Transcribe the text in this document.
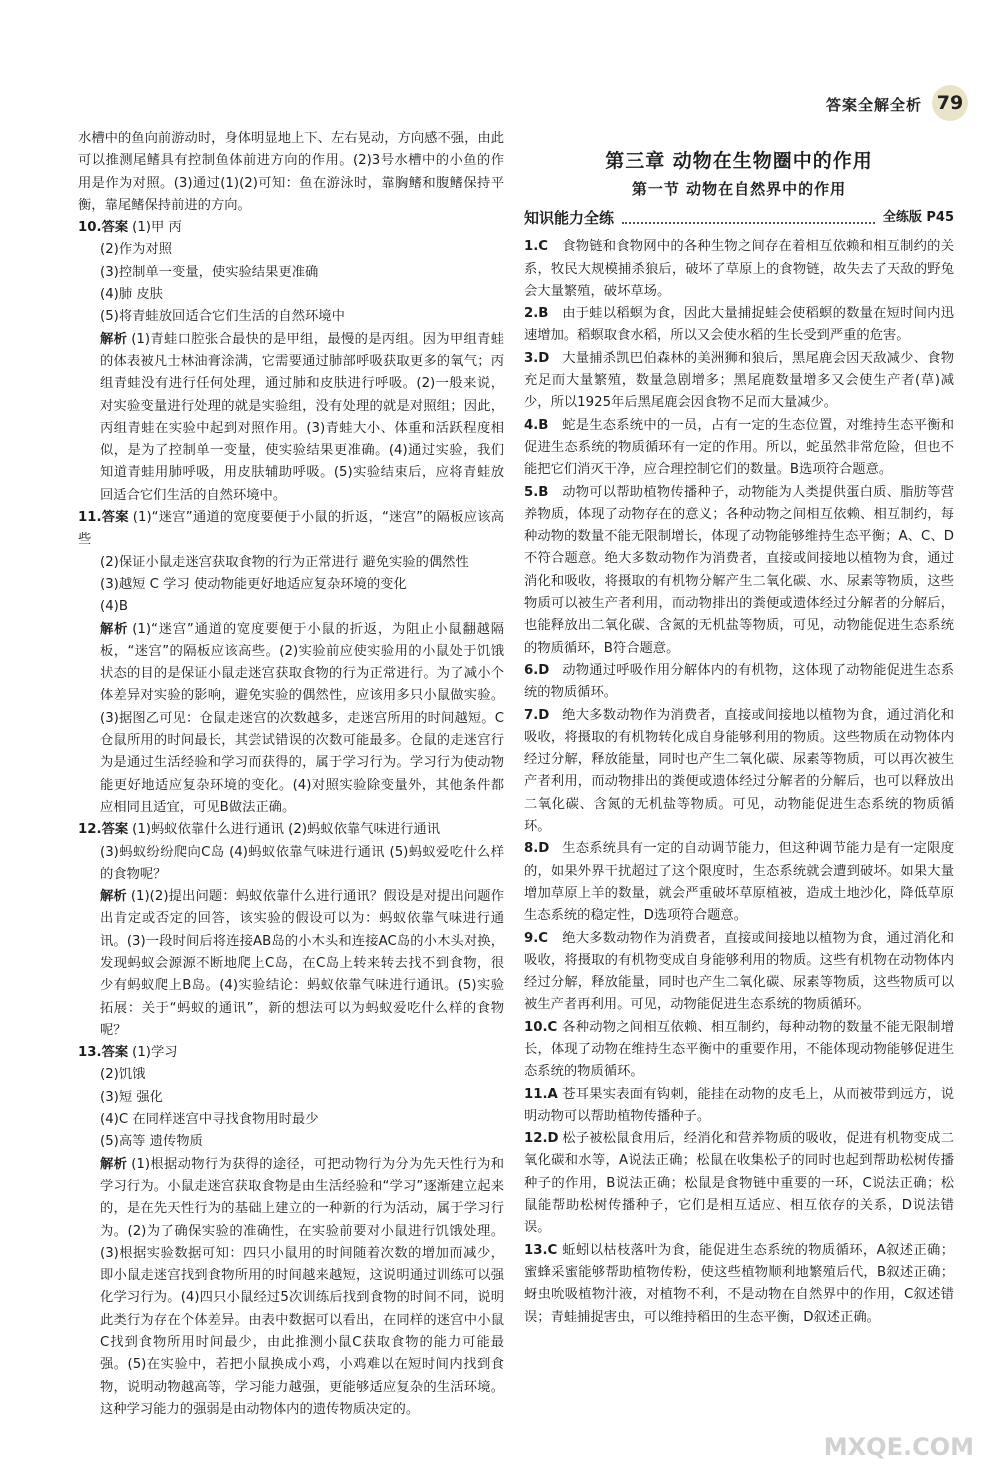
答案全解全析 79
水槽中的鱼向前游动时，身体明显地上下、左右晃动，方向感不强，由此可以推测尾鳍具有控制鱼体前进方向的作用。(2)3号水槽中的小鱼的作用是作为对照。(3)通过(1)(2)可知：鱼在游泳时，靠胸鳍和腹鳍保持平衡，靠尾鳍保持前进的方向。
10.答案 (1)甲 丙
(2)作为对照
(3)控制单一变量，使实验结果更准确
(4)肺 皮肤
(5)将青蛙放回适合它们生活的自然环境中
解析 (1)青蛙口腔张合最快的是甲组，最慢的是丙组。因为甲组青蛙的体表被凡士林油膏涂满，它需要通过肺部呼吸获取更多的氧气；丙组青蛙没有进行任何处理，通过肺和皮肤进行呼吸。(2)一般来说，对实验变量进行处理的就是实验组，没有处理的就是对照组；因此，丙组青蛙在实验中起到对照作用。(3)青蛙大小、体重和活跃程度相似，是为了控制单一变量，使实验结果更准确。(4)通过实验，我们知道青蛙用肺呼吸，用皮肤辅助呼吸。(5)实验结束后，应将青蛙放回适合它们生活的自然环境中。
11.答案 (1)“迷宫”通道的宽度要便于小鼠的折返，“迷宫”的隔板应该高些
(2)保证小鼠走迷宫获取食物的行为正常进行 避免实验的偶然性
(3)越短 C 学习 使动物能更好地适应复杂环境的变化
(4)B
解析 (1)“迷宫”通道的宽度要便于小鼠的折返，为阻止小鼠翻越隔板，“迷宫”的隔板应该高些。(2)实验前应使实验用的小鼠处于饥饿状态的目的是保证小鼠走迷宫获取食物的行为正常进行。为了减小个体差异对实验的影响，避免实验的偶然性，应该用多只小鼠做实验。(3)据图乙可见：仓鼠走迷宫的次数越多，走迷宫所用的时间越短。C仓鼠所用的时间最长，其尝试错误的次数可能最多。仓鼠的走迷宫行为是通过生活经验和学习而获得的，属于学习行为。学习行为使动物能更好地适应复杂环境的变化。(4)对照实验除变量外，其他条件都应相同且适宜，可见B做法正确。
12.答案 (1)蚂蚁依靠什么进行通讯 (2)蚂蚁依靠气味进行通讯
(3)蚂蚁纷纷爬向C岛 (4)蚂蚁依靠气味进行通讯 (5)蚂蚁爱吃什么样的食物呢？
解析 (1)(2)提出问题：蚂蚁依靠什么进行通讯？假设是对提出问题作出肯定或否定的回答，该实验的假设可以为：蚂蚁依靠气味进行通讯。(3)一段时间后将连接AB岛的小木头和连接AC岛的小木头对换，发现蚂蚁会源源不断地爬上C岛，在C岛上转来转去找不到食物，很少有蚂蚁爬上B岛。(4)实验结论：蚂蚁依靠气味进行通讯。(5)实验拓展：关于“蚂蚁的通讯”，新的想法可以为蚂蚁爱吃什么样的食物呢？
13.答案 (1)学习
(2)饥饿
(3)短 强化
(4)C 在同样迷宫中寻找食物用时最少
(5)高等 遗传物质
解析 (1)根据动物行为获得的途径，可把动物行为分为先天性行为和学习行为。小鼠走迷宫获取食物是由生活经验和“学习”逐渐建立起来的，是在先天性行为的基础上建立的一种新的行为活动，属于学习行为。(2)为了确保实验的准确性，在实验前要对小鼠进行饥饿处理。(3)根据实验数据可知：四只小鼠用的时间随着次数的增加而减少，即小鼠走迷宫找到食物所用的时间越来越短，这说明通过训练可以强化学习行为。(4)四只小鼠经过5次训练后找到食物的时间不同，说明此类行为存在个体差异。由表中数据可以看出，在同样的迷宫中小鼠C找到食物所用时间最少，由此推测小鼠C获取食物的能力可能最强。(5)在实验中，若把小鼠换成小鸡，小鸡难以在短时间内找到食物，说明动物越高等，学习能力越强，更能够适应复杂的生活环境。这种学习能力的强弱是由动物体内的遗传物质决定的。
第三章 动物在生物圈中的作用
第一节 动物在自然界中的作用
知识能力全练	全练版 P45
1.C 食物链和食物网中的各种生物之间存在着相互依赖和相互制约的关系，牧民大规模捕杀狼后，破坏了草原上的食物链，故失去了天敌的野兔会大量繁殖，破坏草场。
2.B 由于蛙以稻螟为食，因此大量捕捉蛙会使稻螟的数量在短时间内迅速增加。稻螟取食水稻，所以又会使水稻的生长受到严重的危害。
3.D 大量捕杀凯巴伯森林的美洲狮和狼后，黑尾鹿会因天敌减少、食物充足而大量繁殖，数量急剧增多；黑尾鹿数量增多又会使生产者(草)减少，所以1925年后黑尾鹿会因食物不足而大量减少。
4.B 蛇是生态系统中的一员，占有一定的生态位置，对维持生态平衡和促进生态系统的物质循环有一定的作用。所以，蛇虽然非常危险，但也不能把它们消灭干净，应合理控制它们的数量。B选项符合题意。
5.B 动物可以帮助植物传播种子，动物能为人类提供蛋白质、脂肪等营养物质，体现了动物存在的意义；各种动物之间相互依赖、相互制约，每种动物的数量不能无限制增长，体现了动物能够维持生态平衡；A、C、D不符合题意。绝大多数动物作为消费者，直接或间接地以植物为食，通过消化和吸收，将摄取的有机物分解产生二氧化碳、水、尿素等物质，这些物质可以被生产者利用，而动物排出的粪便或遗体经过分解者的分解后，也能释放出二氧化碳、含氮的无机盐等物质，可见，动物能促进生态系统的物质循环，B符合题意。
6.D 动物通过呼吸作用分解体内的有机物，这体现了动物能促进生态系统的物质循环。
7.D 绝大多数动物作为消费者，直接或间接地以植物为食，通过消化和吸收，将摄取的有机物转化成自身能够利用的物质。这些物质在动物体内经过分解，释放能量，同时也产生二氧化碳、尿素等物质，可以再次被生产者利用，而动物排出的粪便或遗体经过分解者的分解后，也可以释放出二氧化碳、含氮的无机盐等物质。可见，动物能促进生态系统的物质循环。
8.D 生态系统具有一定的自动调节能力，但这种调节能力是有一定限度的，如果外界干扰超过了这个限度时，生态系统就会遭到破坏。如果大量增加草原上羊的数量，就会严重破坏草原植被，造成土地沙化，降低草原生态系统的稳定性，D选项符合题意。
9.C 绝大多数动物作为消费者，直接或间接地以植物为食，通过消化和吸收，将摄取的有机物变成自身能够利用的物质。这些有机物在动物体内经过分解，释放能量，同时也产生二氧化碳、尿素等物质，这些物质可以被生产者再利用。可见，动物能促进生态系统的物质循环。
10.C 各种动物之间相互依赖、相互制约，每种动物的数量不能无限制增长，体现了动物在维持生态平衡中的重要作用，不能体现动物能够促进生态系统的物质循环。
11.A 苍耳果实表面有钩刺，能挂在动物的皮毛上，从而被带到远方，说明动物可以帮助植物传播种子。
12.D 松子被松鼠食用后，经消化和营养物质的吸收，促进有机物变成二氧化碳和水等，A说法正确；松鼠在收集松子的同时也起到帮助松树传播种子的作用，B说法正确；松鼠是食物链中重要的一环，C说法正确；松鼠能帮助松树传播种子，它们是相互适应、相互依存的关系，D说法错误。
13.C 蚯蚓以枯枝落叶为食，能促进生态系统的物质循环，A叙述正确；蜜蜂采蜜能够帮助植物传粉，使这些植物顺利地繁殖后代，B叙述正确；蚜虫吮吸植物汁液，对植物不利，不是动物在自然界中的作用，C叙述错误；青蛙捕捉害虫，可以维持稻田的生态平衡，D叙述正确。
MXQE.COM
